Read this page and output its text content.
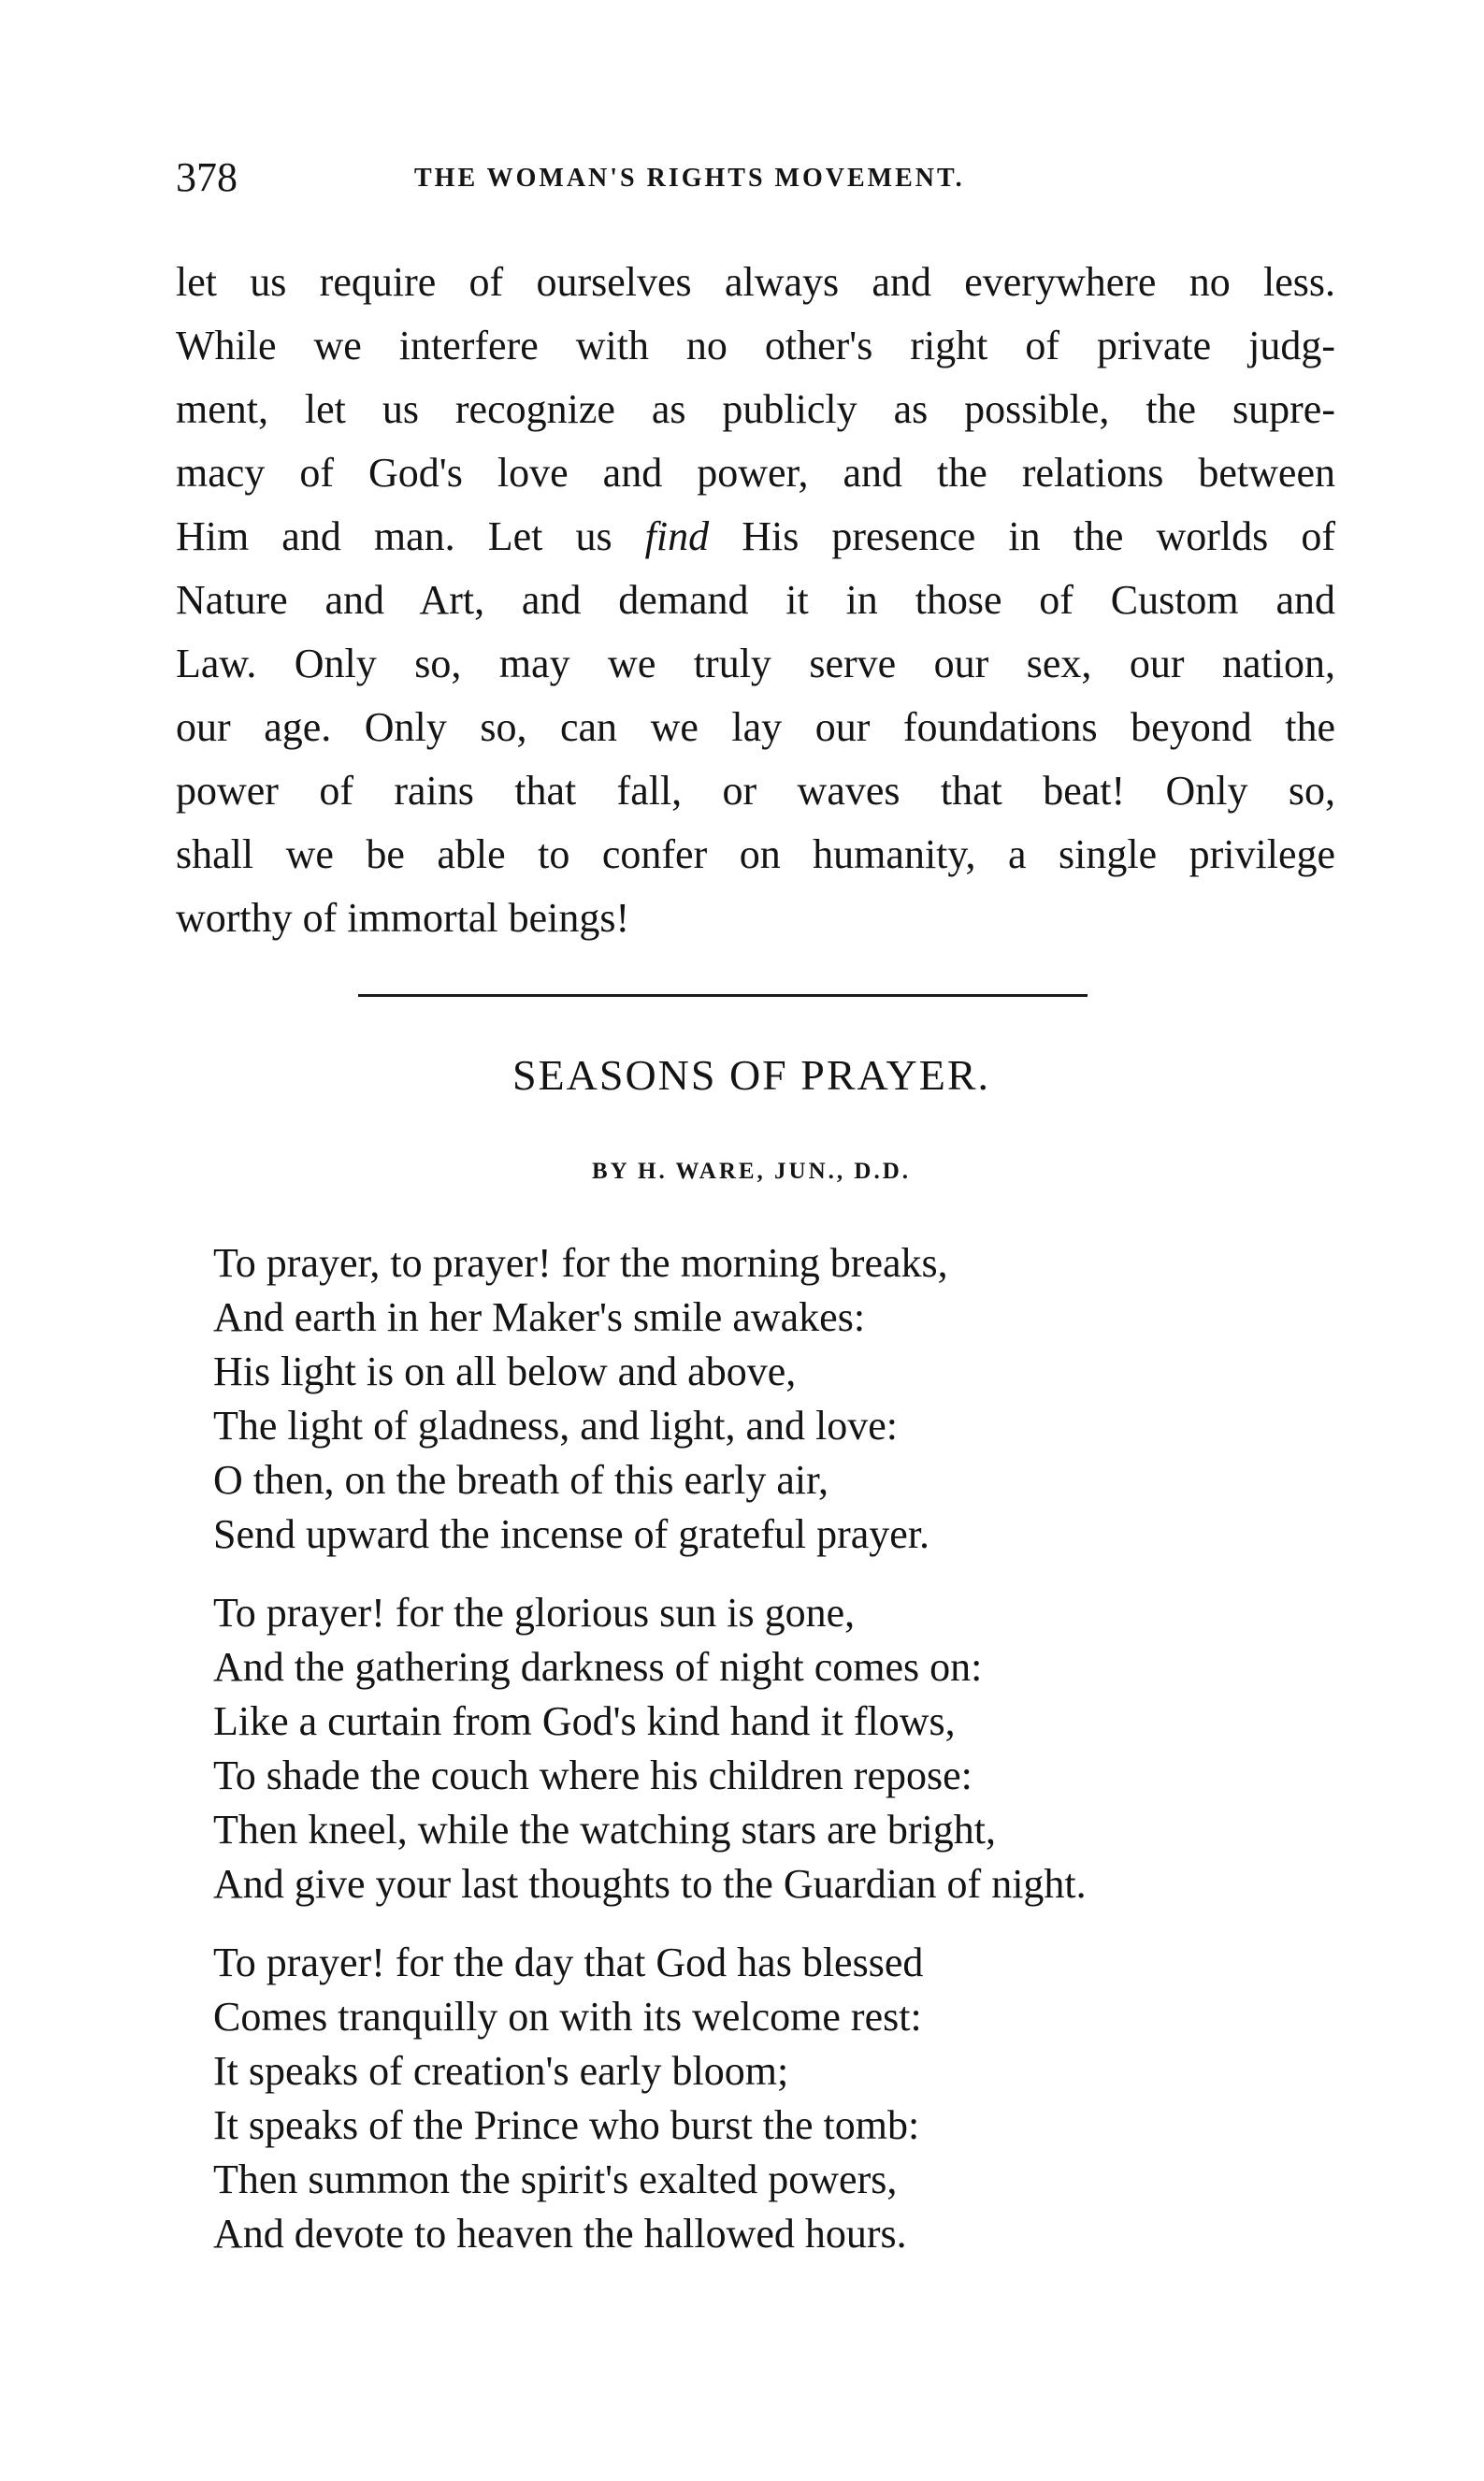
378	THE WOMAN'S RIGHTS MOVEMENT.
let us require of ourselves always and everywhere no less.
While we interfere with no other's right of private judg-
ment, let us recognize as publicly as possible, the supre-
macy of God's love and power, and the relations between
Him and man. Let us find His presence in the worlds of
Nature and Art, and demand it in those of Custom and
Law. Only so, may we truly serve our sex, our nation,
our age. Only so, can we lay our foundations beyond the
power of rains that fall, or waves that beat! Only so,
shall we be able to confer on humanity, a single privilege
worthy of immortal beings!
SEASONS OF PRAYER.
BY H. WARE, JUN., D.D.
To prayer, to prayer! for the morning breaks,
And earth in her Maker's smile awakes:
His light is on all below and above,
The light of gladness, and light, and love:
O then, on the breath of this early air,
Send upward the incense of grateful prayer.
To prayer! for the glorious sun is gone,
And the gathering darkness of night comes on:
Like a curtain from God's kind hand it flows,
To shade the couch where his children repose:
Then kneel, while the watching stars are bright,
And give your last thoughts to the Guardian of night.
To prayer! for the day that God has blessed
Comes tranquilly on with its welcome rest:
It speaks of creation's early bloom;
It speaks of the Prince who burst the tomb:
Then summon the spirit's exalted powers,
And devote to heaven the hallowed hours.
